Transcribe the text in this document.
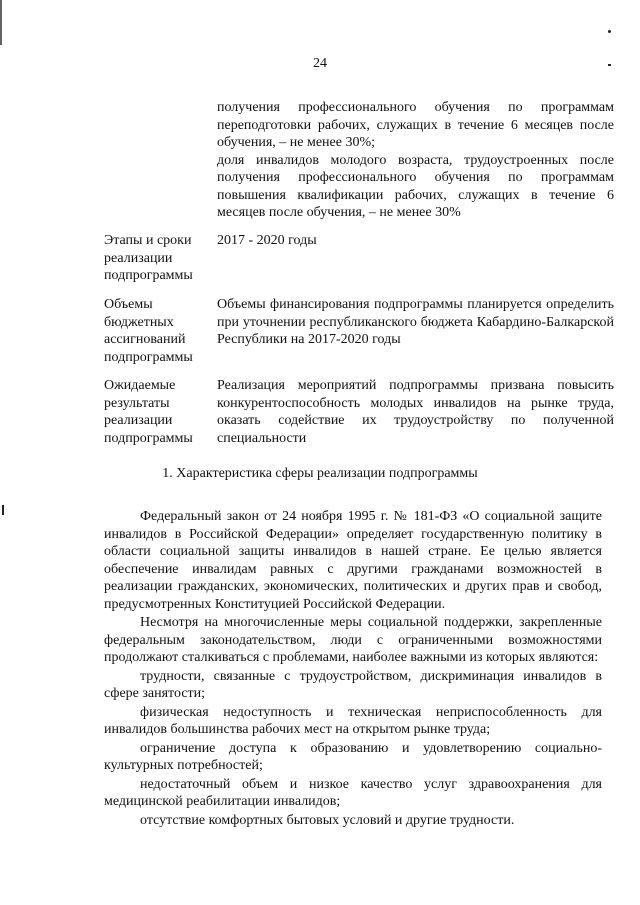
24

получения профессионального обучения по программам переподготовки рабочих, служащих в течение 6 месяцев после обучения, – не менее 30%;

доля инвалидов молодого возраста, трудоустроенных после получения профессионального обучения по программам повышения квалификации рабочих, служащих в течение 6 месяцев после обучения, – не менее 30%

Этапы и сроки реализации подпрограммы
2017 - 2020 годы
Объемы бюджетных ассигнований подпрограммы
Объемы финансирования подпрограммы планируется определить при уточнении республиканского бюджета Кабардино-Балкарской Республики на 2017-2020 годы
Ожидаемые результаты реализации подпрограммы
Реализация мероприятий подпрограммы призвана повысить конкурентоспособность молодых инвалидов на рынке труда, оказать содействие их трудоустройству по полученной специальности
1. Характеристика сферы реализации подпрограммы

Федеральный закон от 24 ноября 1995 г. № 181-ФЗ «О социальной защите инвалидов в Российской Федерации» определяет государственную политику в области социальной защиты инвалидов в нашей стране. Ее целью является обеспечение инвалидам равных с другими гражданами возможностей в реализации гражданских, экономических, политических и других прав и свобод, предусмотренных Конституцией Российской Федерации.

Несмотря на многочисленные меры социальной поддержки, закрепленные федеральным законодательством, люди с ограниченными возможностями продолжают сталкиваться с проблемами, наиболее важными из которых являются:

трудности, связанные с трудоустройством, дискриминация инвалидов в сфере занятости;

физическая недоступность и техническая неприспособленность для инвалидов большинства рабочих мест на открытом рынке труда;

ограничение доступа к образованию и удовлетворению социально-культурных потребностей;

недостаточный объем и низкое качество услуг здравоохранения для медицинской реабилитации инвалидов;

отсутствие комфортных бытовых условий и другие трудности.
